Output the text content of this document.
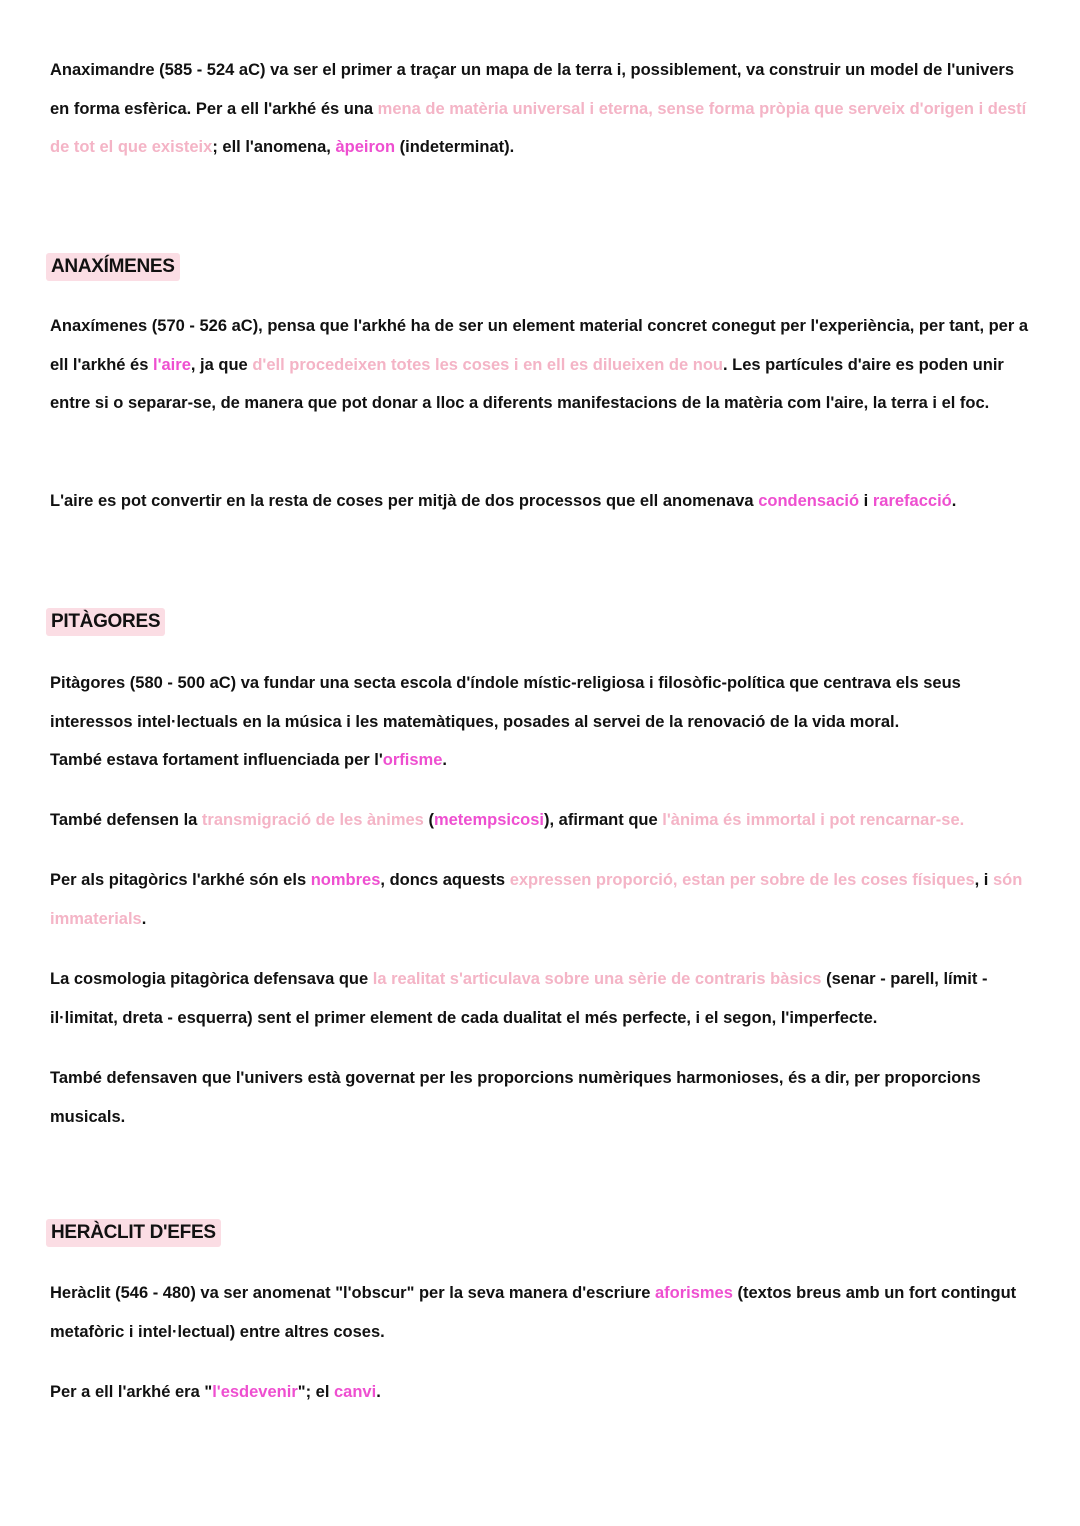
Anaximandre (585 - 524 aC) va ser el primer a traçar un mapa de la terra i, possiblement, va construir un model de l'univers en forma esfèrica. Per a ell l'arkhé és una mena de matèria universal i eterna, sense forma pròpia que serveix d'origen i destí de tot el que existeix; ell l'anomena, àpeiron (indeterminat).
ANAXÍMENES
Anaxímenes (570 - 526 aC), pensa que l'arkhé ha de ser un element material concret conegut per l'experiència, per tant, per a ell l'arkhé és l'aire, ja que d'ell procedeixen totes les coses i en ell es dilueixen de nou. Les partícules d'aire es poden unir entre si o separar-se, de manera que pot donar a lloc a diferents manifestacions de la matèria com l'aire, la terra i el foc.
L'aire es pot convertir en la resta de coses per mitjà de dos processos que ell anomenava condensació i rarefacció.
PITÀGORES
Pitàgores (580 - 500 aC) va fundar una secta escola d'índole místic-religiosa i filosòfic-política que centrava els seus interessos intel·lectuals en la música i les matemàtiques, posades al servei de la renovació de la vida moral.
També estava fortament influenciada per l'orfisme.
També defensen la transmigració de les ànimes (metempsicosi), afirmant que l'ànima és immortal i pot rencarnar-se.
Per als pitagòrics l'arkhé són els nombres, doncs aquests expressen proporció, estan per sobre de les coses físiques, i són immaterials.
La cosmologia pitagòrica defensava que la realitat s'articulava sobre una sèrie de contraris bàsics (senar - parell, límit - il·limitat, dreta - esquerra) sent el primer element de cada dualitat el més perfecte, i el segon, l'imperfecte.
També defensaven que l'univers està governat per les proporcions numèriques harmonioses, és a dir, per proporcions musicals.
HERÀCLIT D'EFES
Heràclit (546 - 480) va ser anomenat "l'obscur" per la seva manera d'escriure aforismes (textos breus amb un fort contingut metafòric i intel·lectual) entre altres coses.
Per a ell l'arkhé era "l'esdevenir"; el canvi.
